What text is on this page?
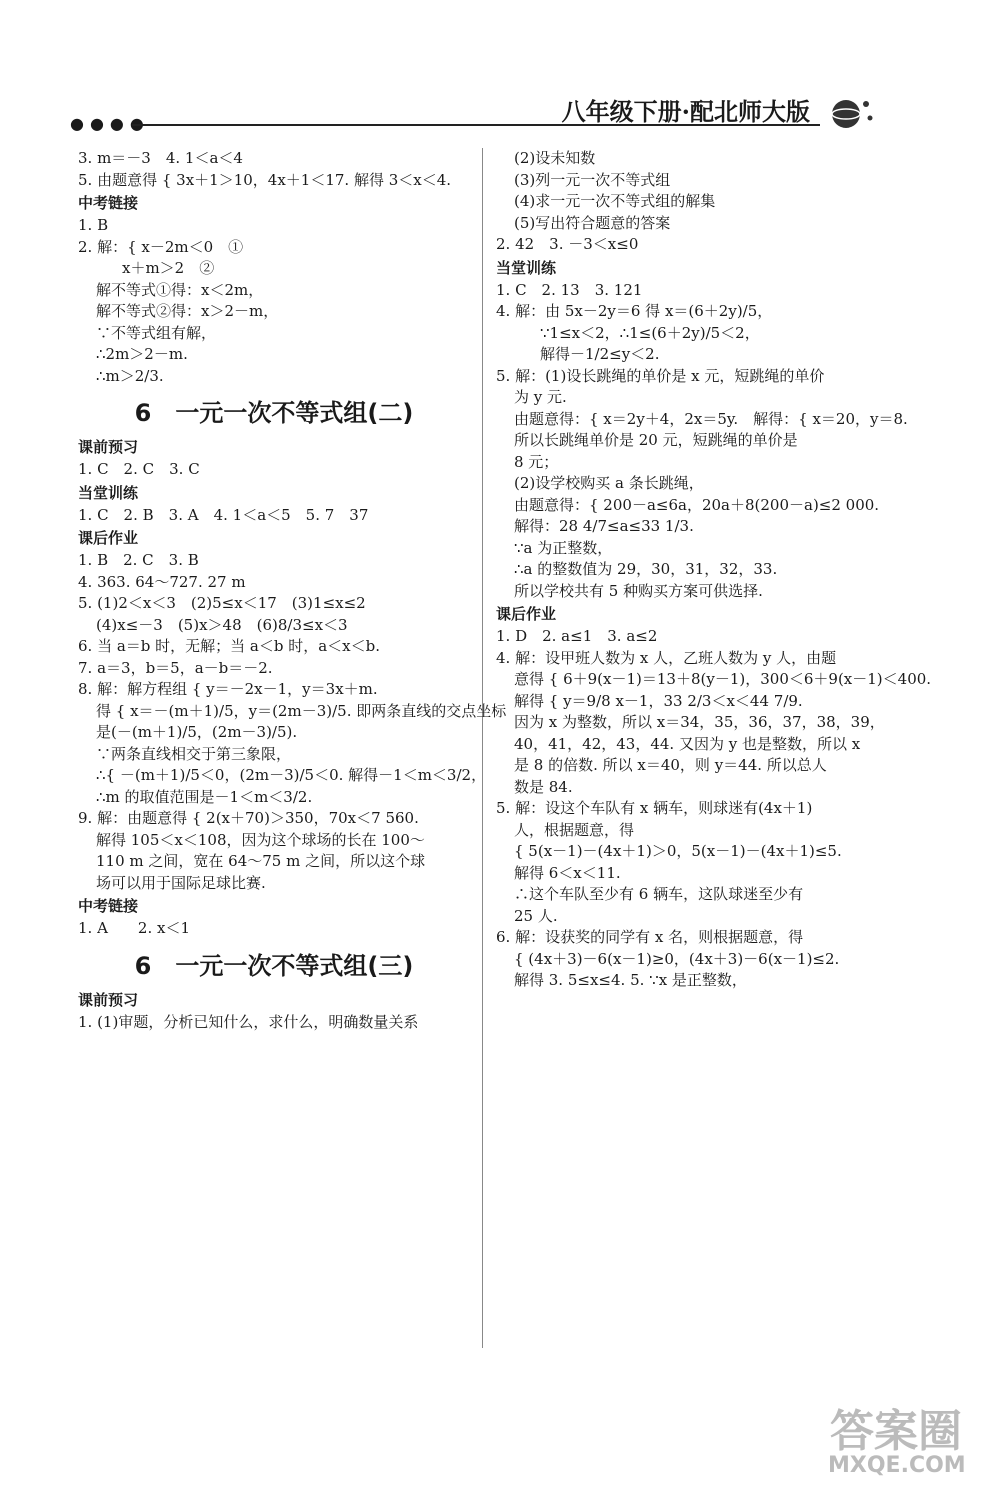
●●●●	八年级下册·配北师大版
3. m＝－3　4. 1＜a＜4
5. 由题意得 { 3x＋1＞10，4x＋1＜17. 解得 3＜x＜4.
中考链接
1. B
2. 解：{ x－2m＜0　①
x＋m＞2　②
解不等式①得：x＜2m，
解不等式②得：x＞2－m，
∵不等式组有解，
∴2m＞2－m.
∴m＞2/3.
6　一元一次不等式组(二)
课前预习
1. C　2. C　3. C
当堂训练
1. C　2. B　3. A　4. 1＜a＜5　5. 7　37
课后作业
1. B　2. C　3. B
4. 363. 64～727. 27 m
5. (1)2＜x＜3　(2)5≤x＜17　(3)1≤x≤2
(4)x≤－3　(5)x＞48　(6)8/3≤x＜3
6. 当 a＝b 时，无解；当 a＜b 时，a＜x＜b.
7. a＝3，b＝5，a－b＝－2.
8. 解：解方程组 { y＝－2x－1，y＝3x＋m.
得 { x＝－(m＋1)/5，y＝(2m－3)/5. 即两条直线的交点坐标
是(－(m＋1)/5，(2m－3)/5).
∵两条直线相交于第三象限，
∴{ －(m＋1)/5＜0，(2m－3)/5＜0. 解得－1＜m＜3/2，
∴m 的取值范围是－1＜m＜3/2.
9. 解：由题意得 { 2(x＋70)＞350，70x＜7 560.
解得 105＜x＜108，因为这个球场的长在 100～
110 m 之间，宽在 64～75 m 之间，所以这个球
场可以用于国际足球比赛.
中考链接
1. A　　2. x＜1
6　一元一次不等式组(三)
课前预习
1. (1)审题，分析已知什么，求什么，明确数量关系
(2)设未知数
(3)列一元一次不等式组
(4)求一元一次不等式组的解集
(5)写出符合题意的答案
2. 42　3. －3＜x≤0
当堂训练
1. C　2. 13　3. 121
4. 解：由 5x－2y＝6 得 x＝(6＋2y)/5，
∵1≤x＜2，∴1≤(6＋2y)/5＜2，
解得－1/2≤y＜2.
5. 解：(1)设长跳绳的单价是 x 元，短跳绳的单价
为 y 元.
由题意得：{ x＝2y＋4，2x＝5y.　解得：{ x＝20，y＝8.
所以长跳绳单价是 20 元，短跳绳的单价是
8 元；
(2)设学校购买 a 条长跳绳，
由题意得：{ 200－a≤6a，20a＋8(200－a)≤2 000.
解得：28 4/7≤a≤33 1/3.
∵a 为正整数，
∴a 的整数值为 29，30，31，32，33.
所以学校共有 5 种购买方案可供选择.
课后作业
1. D　2. a≤1　3. a≤2
4. 解：设甲班人数为 x 人，乙班人数为 y 人，由题
意得 { 6＋9(x－1)＝13＋8(y－1)，300＜6＋9(x－1)＜400.
解得 { y＝9/8 x－1，33 2/3＜x＜44 7/9.
因为 x 为整数，所以 x＝34，35，36，37，38，39，
40，41，42，43，44. 又因为 y 也是整数，所以 x
是 8 的倍数. 所以 x＝40，则 y＝44. 所以总人
数是 84.
5. 解：设这个车队有 x 辆车，则球迷有(4x＋1)
人，根据题意，得
{ 5(x－1)－(4x＋1)＞0，5(x－1)－(4x＋1)≤5.
解得 6＜x＜11.
∴这个车队至少有 6 辆车，这队球迷至少有
25 人.
6. 解：设获奖的同学有 x 名，则根据题意，得
{ (4x＋3)－6(x－1)≥0，(4x＋3)－6(x－1)≤2.
解得 3. 5≤x≤4. 5. ∵x 是正整数，
答案圈
MXQE.COM
